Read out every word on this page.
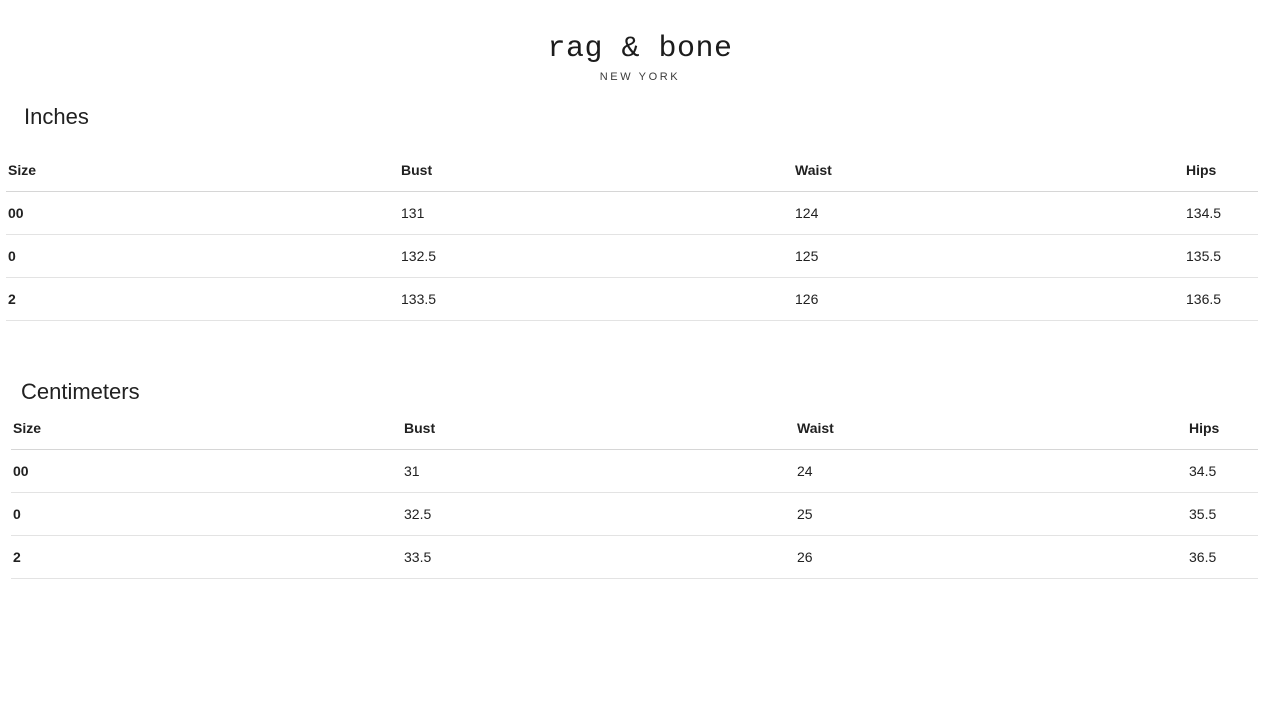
rag & bone
NEW YORK
Inches
Size	Bust	Waist	Hips
00	131	124	134.5
0	132.5	125	135.5
2	133.5	126	136.5
Centimeters
Size	Bust	Waist	Hips
00	31	24	34.5
0	32.5	25	35.5
2	33.5	26	36.5
